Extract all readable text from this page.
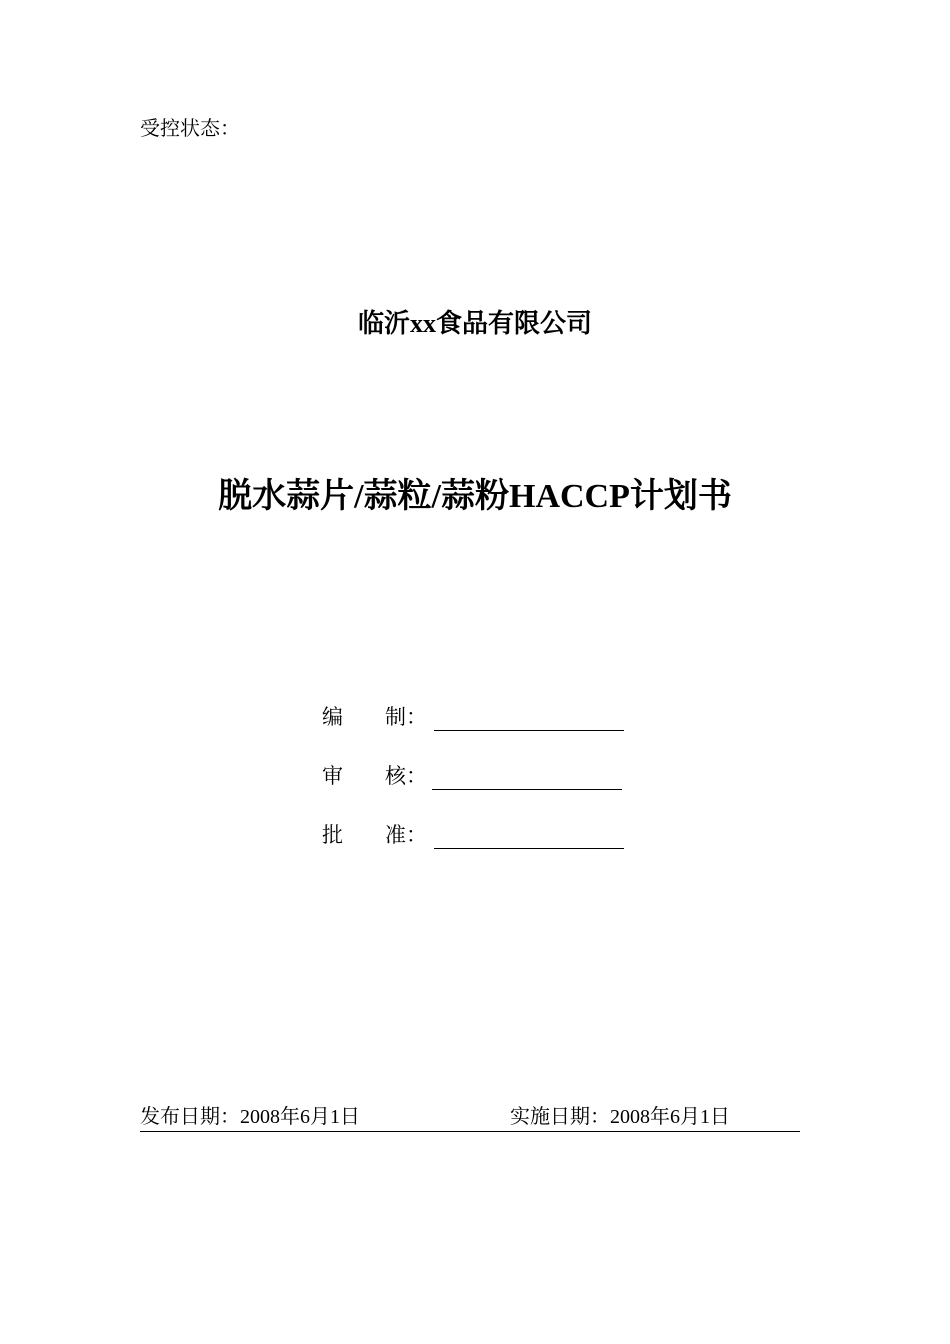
受控状态：
临沂xx食品有限公司
脱水蒜片/蒜粒/蒜粉HACCP计划书
编 制：
审 核：
批 准：
发布日期：2008年6月1日	实施日期：2008年6月1日
